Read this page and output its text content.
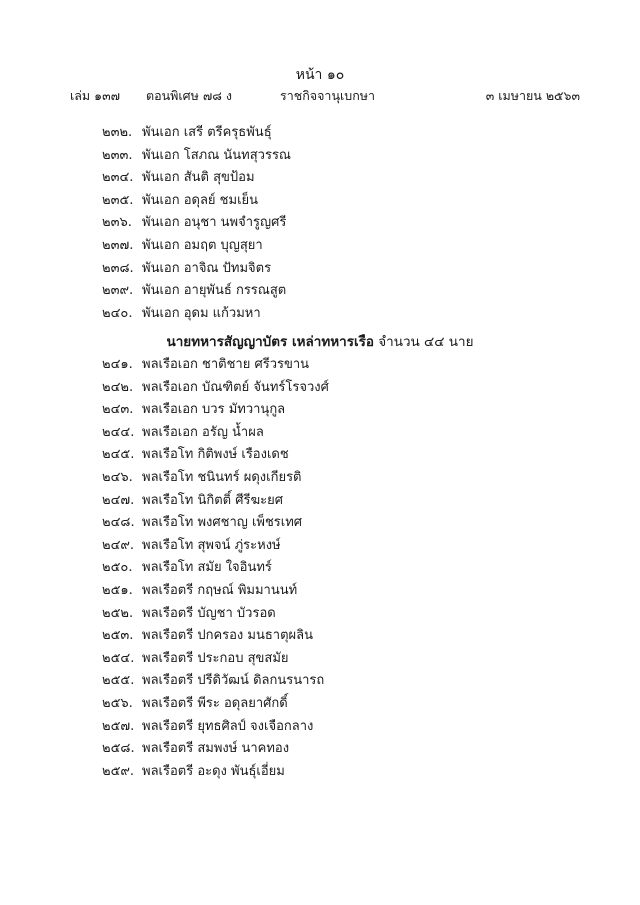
หน้า ๑๐
เล่ม ๑๓๗ ตอนพิเศษ ๗๘ ง	ราชกิจจานุเบกษา	๓ เมษายน ๒๕๖๓
๒๓๒. พันเอก เสรี ตรีครุธพันธุ์
๒๓๓. พันเอก โสภณ นันทสุวรรณ
๒๓๔. พันเอก สันติ สุขป้อม
๒๓๕. พันเอก อดุลย์ ชมเย็น
๒๓๖. พันเอก อนุชา นพจำรูญศรี
๒๓๗. พันเอก อมฤต บุญสุยา
๒๓๘. พันเอก อาจิณ ปัทมจิตร
๒๓๙. พันเอก อายุพันธ์ กรรณสูต
๒๔๐. พันเอก อุดม แก้วมหา
นายทหารสัญญาบัตร เหล่าทหารเรือ จำนวน ๔๔ นาย
๒๔๑. พลเรือเอก ชาติชาย ศรีวรขาน
๒๔๒. พลเรือเอก บัณฑิตย์ จันทร์โรจวงศ์
๒๔๓. พลเรือเอก บวร มัทวานุกูล
๒๔๔. พลเรือเอก อรัญ น้ำผล
๒๔๕. พลเรือโท กิติพงษ์ เรืองเดช
๒๔๖. พลเรือโท ชนินทร์ ผดุงเกียรติ
๒๔๗. พลเรือโท นิกิตติ์ ศีรีฆะยศ
๒๔๘. พลเรือโท พงศชาญ เพ็ชรเทศ
๒๔๙. พลเรือโท สุพจน์ ภู่ระหงษ์
๒๕๐. พลเรือโท สมัย ใจอินทร์
๒๕๑. พลเรือตรี กฤษณ์ พิมมานนท์
๒๕๒. พลเรือตรี บัญชา บัวรอด
๒๕๓. พลเรือตรี ปกครอง มนธาตุผลิน
๒๕๔. พลเรือตรี ประกอบ สุขสมัย
๒๕๕. พลเรือตรี ปรีดิวัฒน์ ดิลกนรนารถ
๒๕๖. พลเรือตรี พีระ อดุลยาศักดิ์
๒๕๗. พลเรือตรี ยุทธศิลป์ จงเจือกลาง
๒๕๘. พลเรือตรี สมพงษ์ นาคทอง
๒๕๙. พลเรือตรี อะดุง พันธุ์เอี่ยม
